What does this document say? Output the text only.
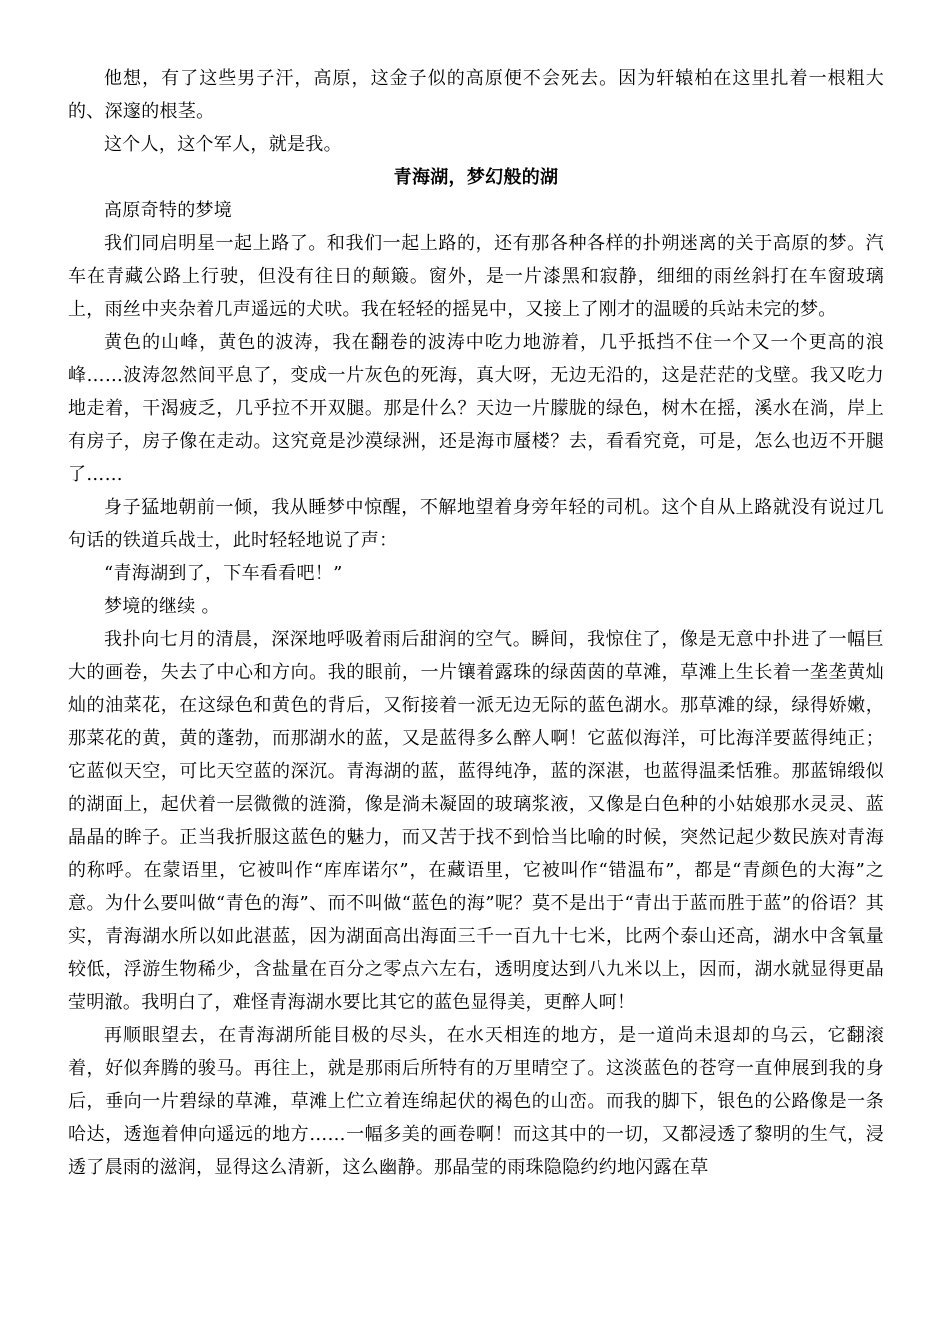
他想，有了这些男子汗，高原，这金子似的高原便不会死去。因为轩辕柏在这里扎着一根粗大的、深邃的根茎。

这个人，这个军人，就是我。

青海湖，梦幻般的湖

高原奇特的梦境

我们同启明星一起上路了。和我们一起上路的，还有那各种各样的扑朔迷离的关于高原的梦。汽车在青藏公路上行驶，但没有往日的颠簸。窗外，是一片漆黑和寂静，细细的雨丝斜打在车窗玻璃上，雨丝中夹杂着几声遥远的犬吠。我在轻轻的摇晃中，又接上了刚才的温暖的兵站未完的梦。

黄色的山峰，黄色的波涛，我在翻卷的波涛中吃力地游着，几乎抵挡不住一个又一个更高的浪峰……波涛忽然间平息了，变成一片灰色的死海，真大呀，无边无沿的，这是茫茫的戈壁。我又吃力地走着，干渴疲乏，几乎拉不开双腿。那是什么？天边一片朦胧的绿色，树木在摇，溪水在淌，岸上有房子，房子像在走动。这究竟是沙漠绿洲，还是海市蜃楼？去，看看究竟，可是，怎么也迈不开腿了……

身子猛地朝前一倾，我从睡梦中惊醒，不解地望着身旁年轻的司机。这个自从上路就没有说过几句话的铁道兵战士，此时轻轻地说了声：

“青海湖到了，下车看看吧！”

梦境的继续 。

我扑向七月的清晨，深深地呼吸着雨后甜润的空气。瞬间，我惊住了，像是无意中扑进了一幅巨大的画卷，失去了中心和方向。我的眼前，一片镶着露珠的绿茵茵的草滩，草滩上生长着一垄垄黄灿灿的油菜花，在这绿色和黄色的背后，又衔接着一派无边无际的蓝色湖水。那草滩的绿，绿得娇嫩，那菜花的黄，黄的蓬勃，而那湖水的蓝，又是蓝得多么醉人啊！它蓝似海洋，可比海洋要蓝得纯正；它蓝似天空，可比天空蓝的深沉。青海湖的蓝，蓝得纯净，蓝的深湛，也蓝得温柔恬雅。那蓝锦缎似的湖面上，起伏着一层微微的涟漪，像是淌未凝固的玻璃浆液，又像是白色种的小姑娘那水灵灵、蓝晶晶的眸子。正当我折服这蓝色的魅力，而又苦于找不到恰当比喻的时候，突然记起少数民族对青海的称呼。在蒙语里，它被叫作“库库诺尔”，在藏语里，它被叫作“错温布”，都是“青颜色的大海”之意。为什么要叫做“青色的海”、而不叫做“蓝色的海”呢？莫不是出于“青出于蓝而胜于蓝”的俗语？其实，青海湖水所以如此湛蓝，因为湖面高出海面三千一百九十七米，比两个泰山还高，湖水中含氧量较低，浮游生物稀少，含盐量在百分之零点六左右，透明度达到八九米以上，因而，湖水就显得更晶莹明澈。我明白了，难怪青海湖水要比其它的蓝色显得美，更醉人呵！

再顺眼望去，在青海湖所能目极的尽头，在水天相连的地方，是一道尚未退却的乌云，它翻滚着，好似奔腾的骏马。再往上，就是那雨后所特有的万里晴空了。这淡蓝色的苍穹一直伸展到我的身后，垂向一片碧绿的草滩，草滩上伫立着连绵起伏的褐色的山峦。而我的脚下，银色的公路像是一条哈达，透迤着伸向遥远的地方……一幅多美的画卷啊！而这其中的一切，又都浸透了黎明的生气，浸透了晨雨的滋润，显得这么清新，这么幽静。那晶莹的雨珠隐隐约约地闪露在草
